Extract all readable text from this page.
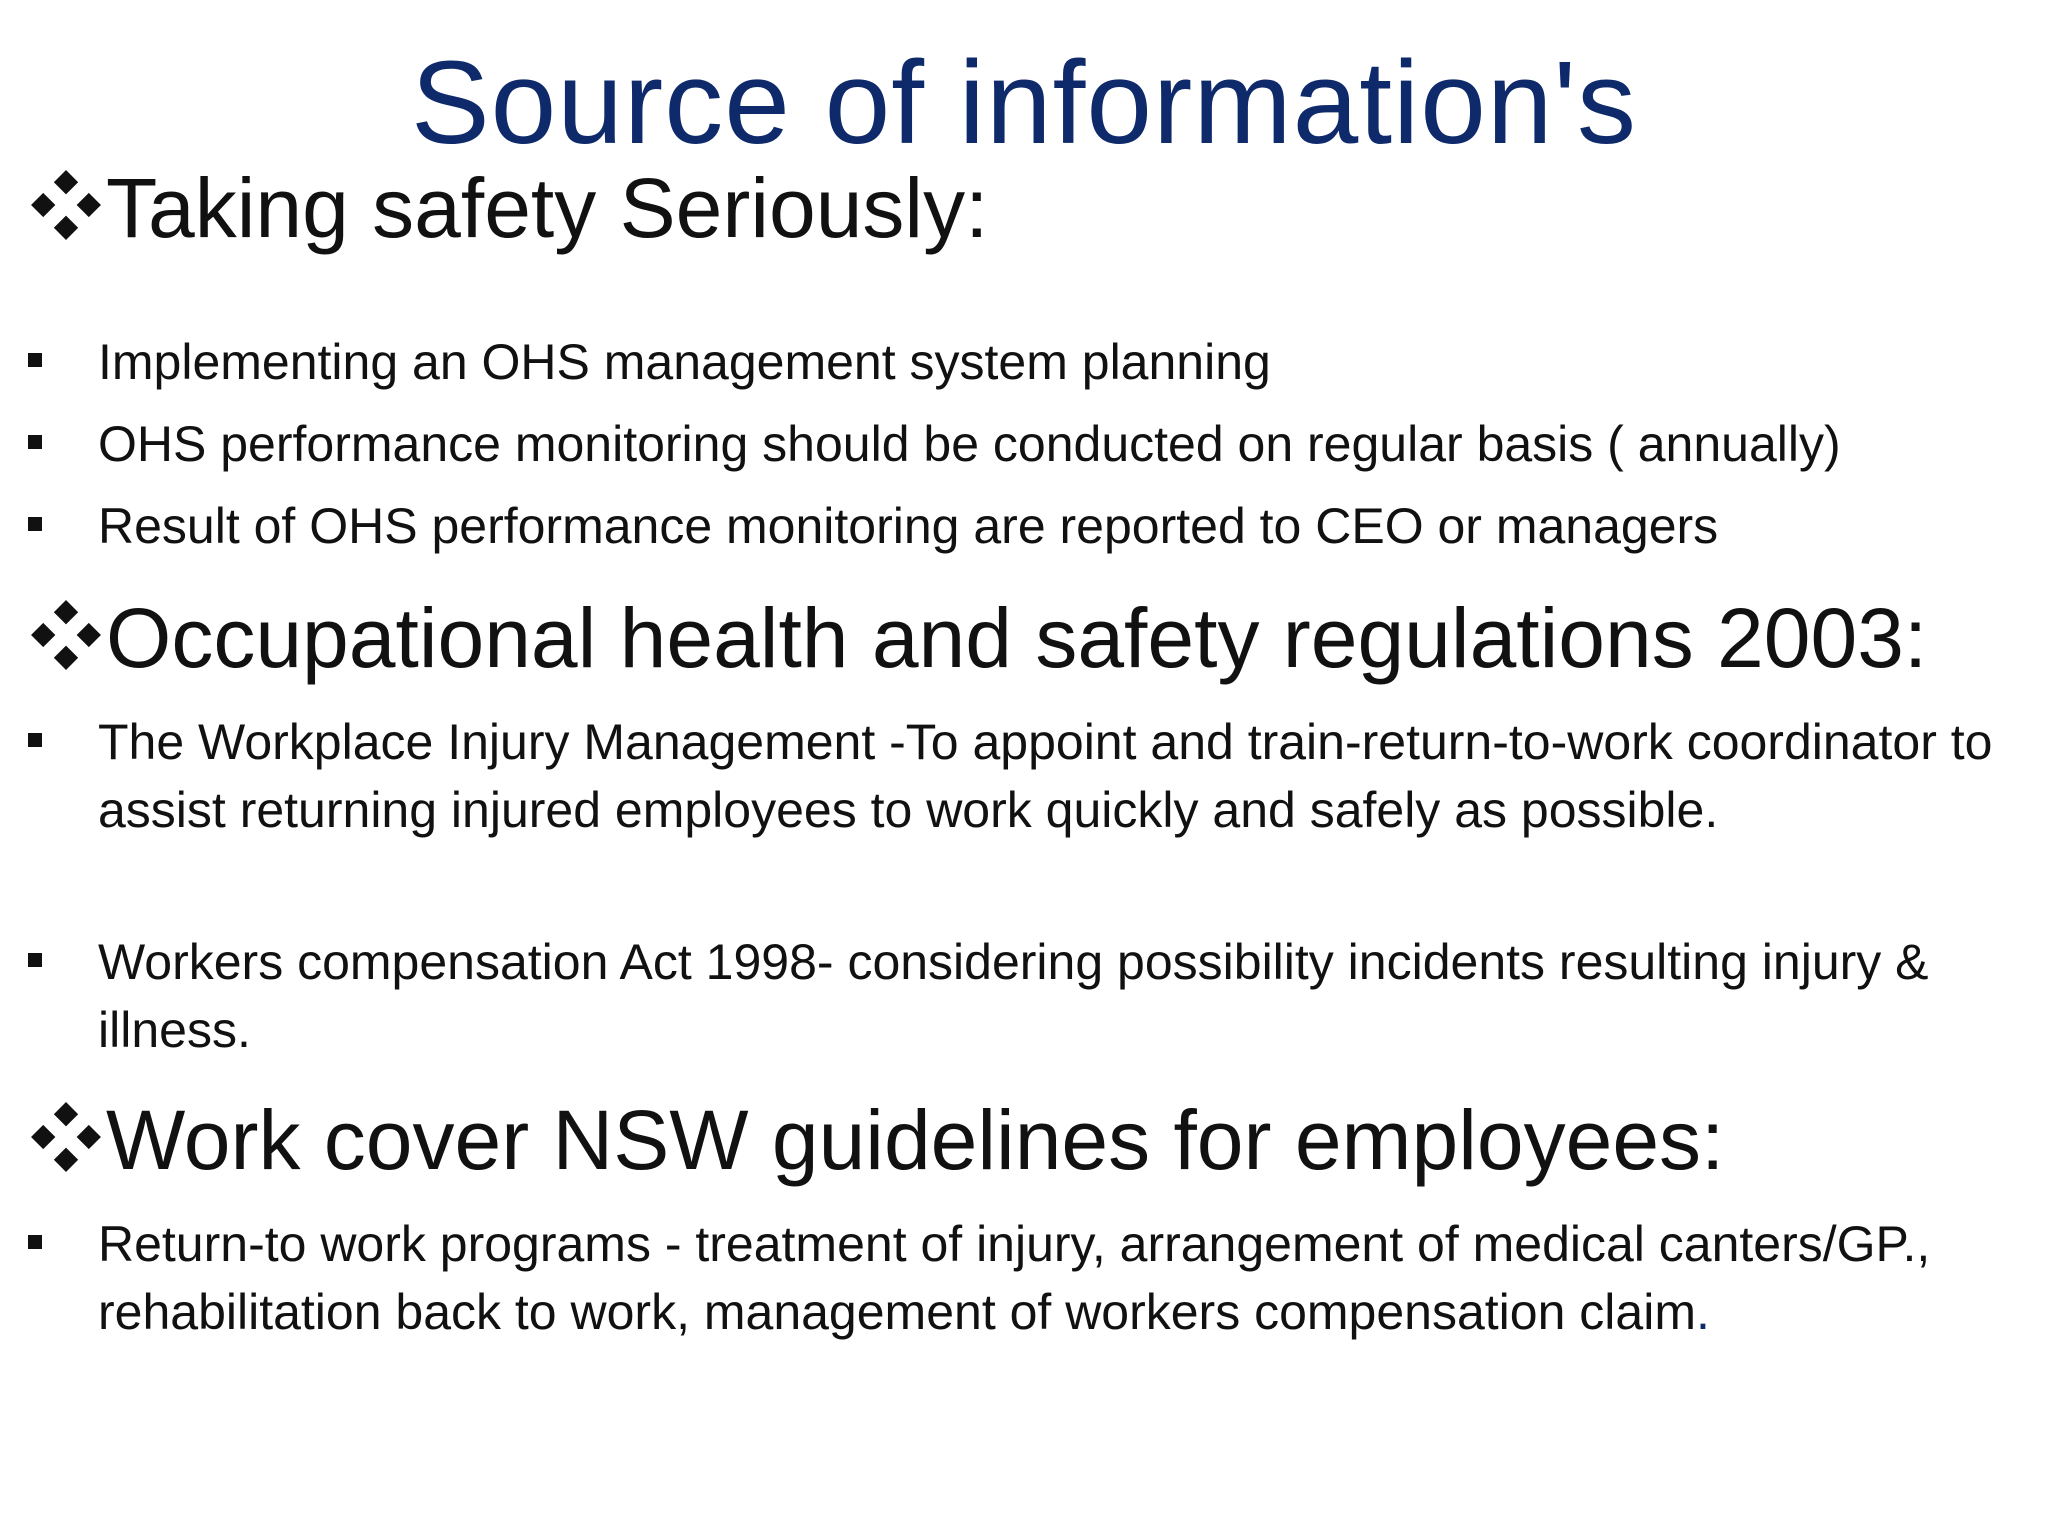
Source of information's
Taking safety Seriously:
Implementing an OHS management system planning
OHS performance monitoring should be conducted on regular basis ( annually)
Result of OHS performance monitoring are reported to CEO or managers
Occupational health and safety regulations 2003:
The Workplace Injury Management -To appoint and train-return-to-work coordinator to assist returning injured employees to work quickly and safely as possible.
Workers compensation Act 1998- considering possibility incidents resulting injury & illness.
Work cover NSW guidelines for employees:
Return-to work programs - treatment of injury, arrangement of medical canters/GP., rehabilitation back to work, management of workers compensation claim.
